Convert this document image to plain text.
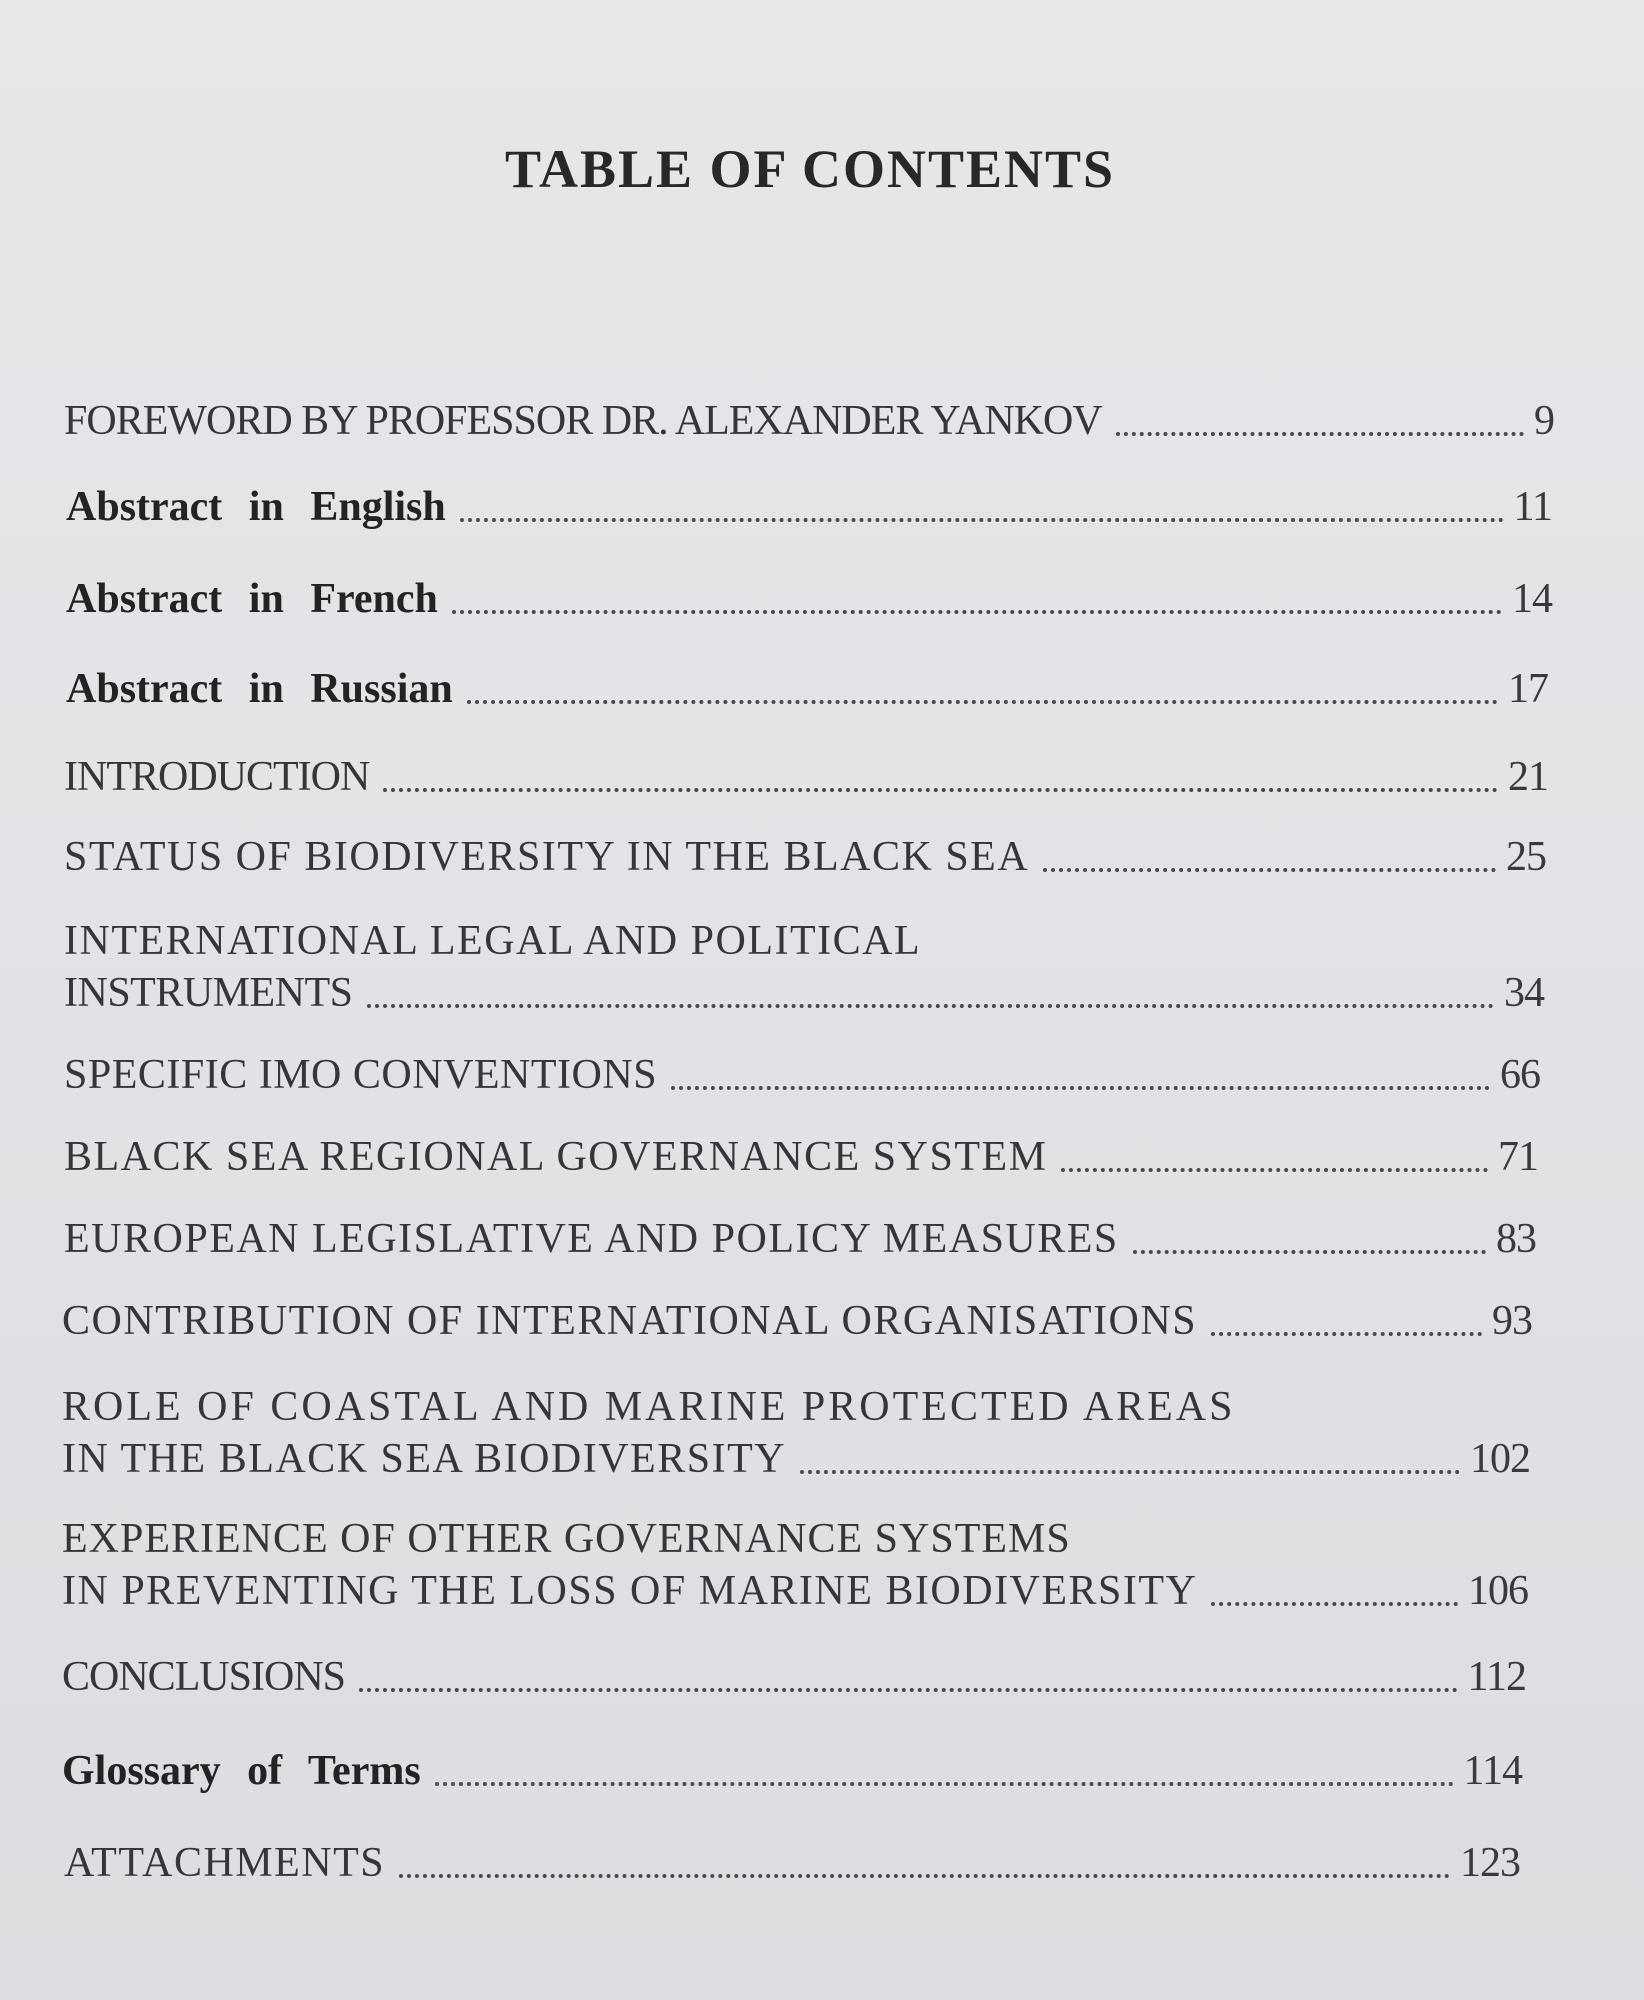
TABLE OF CONTENTS
FOREWORD BY PROFESSOR DR. ALEXANDER YANKOV	9
Abstract in English	11
Abstract in French	14
Abstract in Russian	17
INTRODUCTION	21
STATUS OF BIODIVERSITY IN THE BLACK SEA	25
INTERNATIONAL LEGAL AND POLITICAL
INSTRUMENTS	34
SPECIFIC IMO CONVENTIONS	66
BLACK SEA REGIONAL GOVERNANCE SYSTEM	71
EUROPEAN LEGISLATIVE AND POLICY MEASURES	83
CONTRIBUTION OF INTERNATIONAL ORGANISATIONS	93
ROLE OF COASTAL AND MARINE PROTECTED AREAS
IN THE BLACK SEA BIODIVERSITY	102
EXPERIENCE OF OTHER GOVERNANCE SYSTEMS
IN PREVENTING THE LOSS OF MARINE BIODIVERSITY	106
CONCLUSIONS	112
Glossary of Terms	114
ATTACHMENTS	123
